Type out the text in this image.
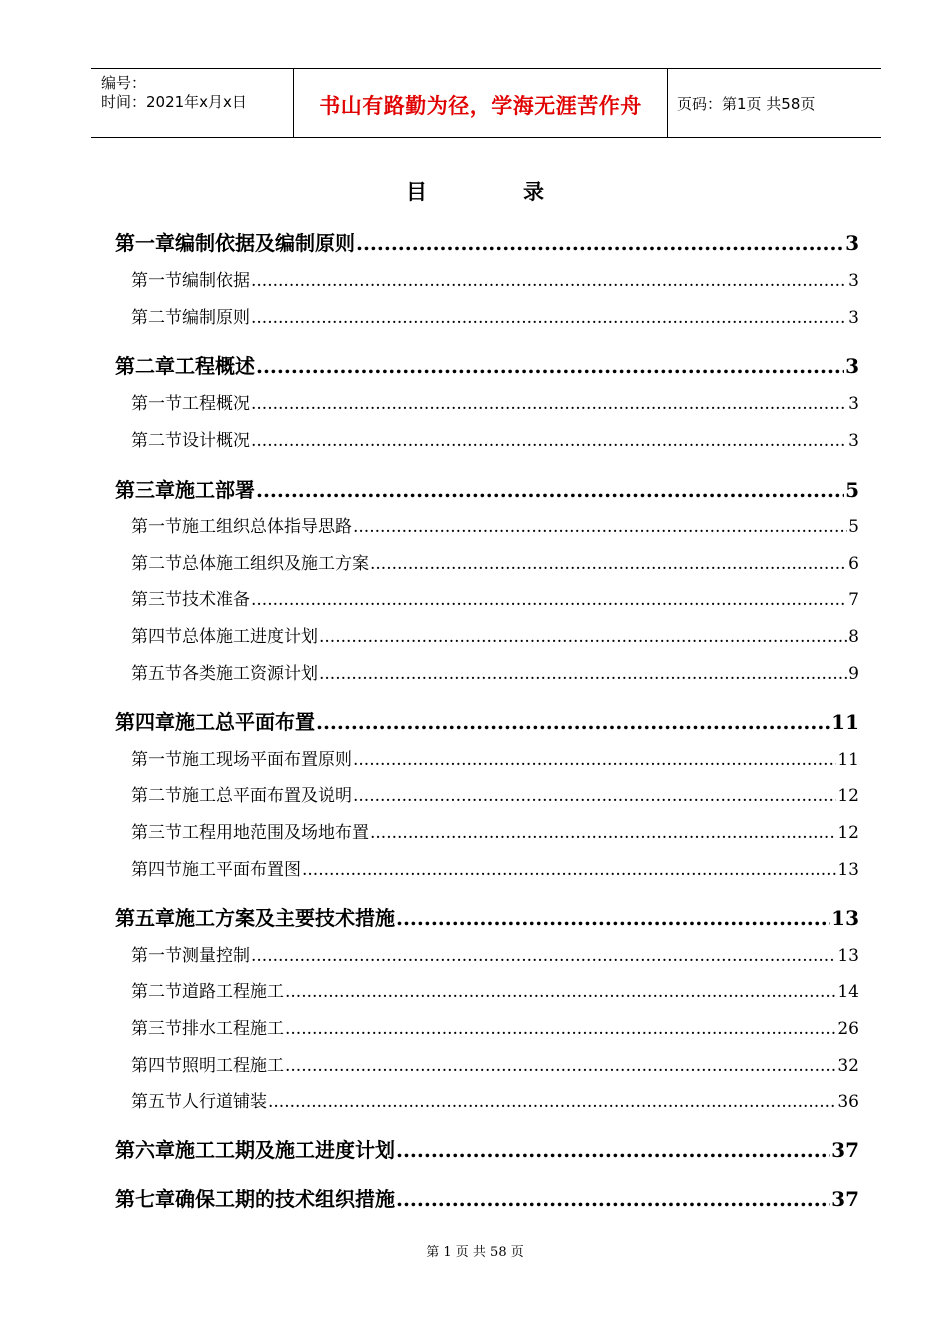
编号：
时间：2021年x月x日	书山有路勤为径，学海无涯苦作舟	页码：第1页 共58页
目	录
第一章 编制依据及编制原则 .....	3
第一节 编制依据 .....	3
第二节 编制原则 .....	3
第二章 工程概述 .....	3
第一节 工程概况 .....	3
第二节 设计概况 .....	3
第三章 施工部署 .....	5
第一节 施工组织总体指导思路 .....	5
第二节 总体施工组织及施工方案 .....	6
第三节 技术准备 .....	7
第四节 总体施工进度计划 .....	8
第五节 各类施工资源计划 .....	9
第四章 施工总平面布置 .....	11
第一节 施工现场平面布置原则 .....	11
第二节 施工总平面布置及说明 .....	12
第三节 工程用地范围及场地布置 .....	12
第四节 施工平面布置图 .....	13
第五章 施工方案及主要技术措施 .....	13
第一节 测量控制 .....	13
第二节 道路工程施工 .....	14
第三节 排水工程施工 .....	26
第四节 照明工程施工 .....	32
第五节 人行道铺装 .....	36
第六章 施工工期及施工进度计划 .....	37
第七章 确保工期的技术组织措施 .....	37
第 1 页 共 58 页
